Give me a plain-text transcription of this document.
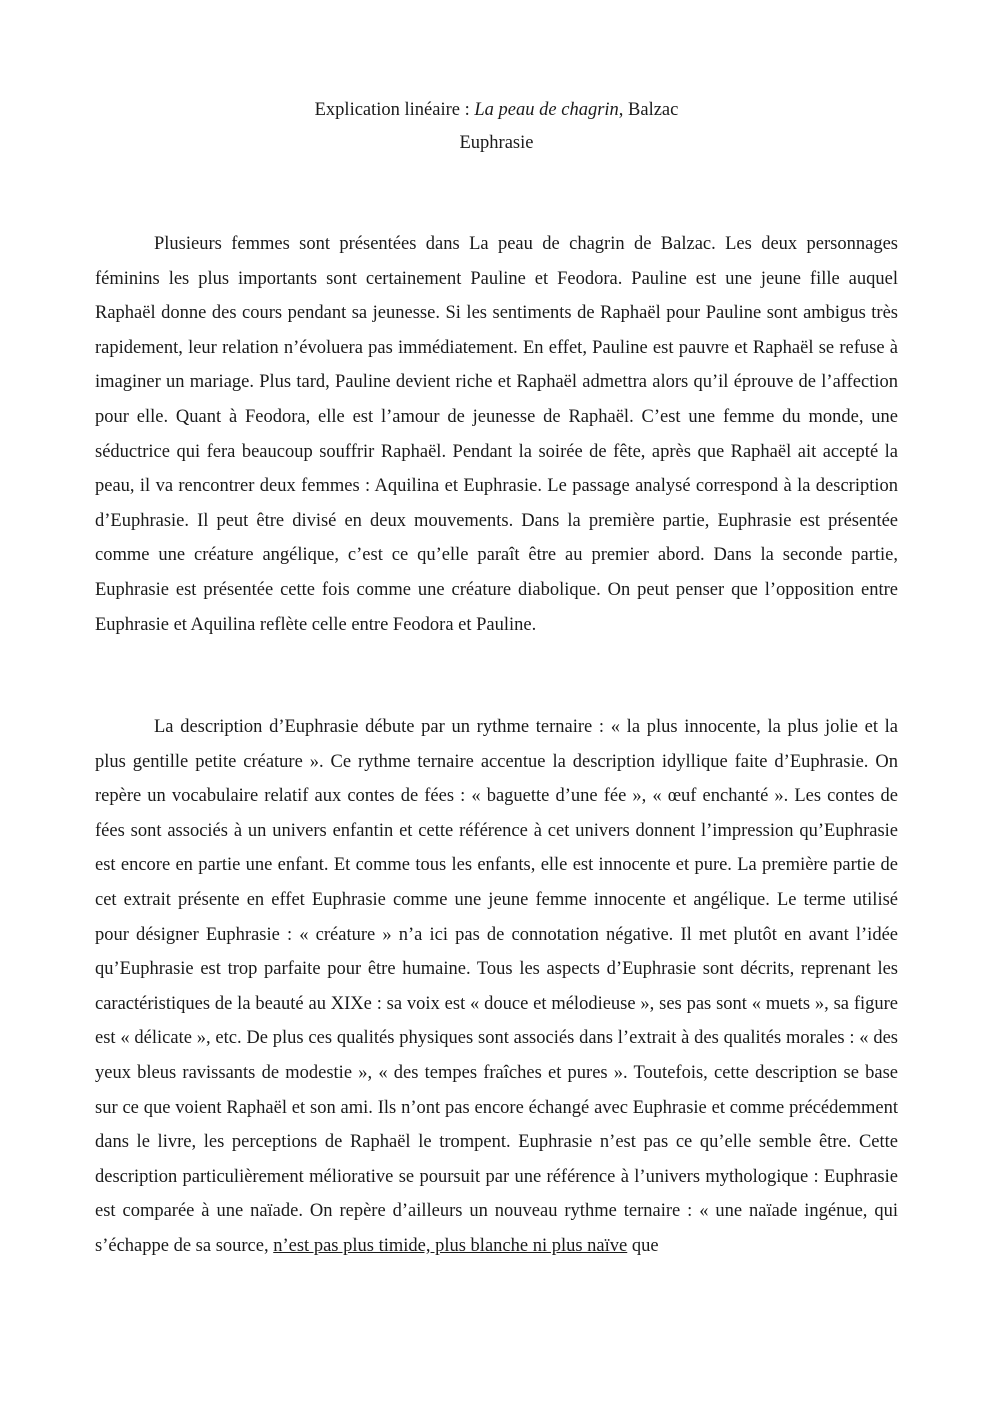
Explication linéaire : La peau de chagrin, Balzac
Euphrasie

Plusieurs femmes sont présentées dans La peau de chagrin de Balzac. Les deux personnages féminins les plus importants sont certainement Pauline et Feodora. Pauline est une jeune fille auquel Raphaël donne des cours pendant sa jeunesse. Si les sentiments de Raphaël pour Pauline sont ambigus très rapidement, leur relation n’évoluera pas immédiatement. En effet, Pauline est pauvre et Raphaël se refuse à imaginer un mariage. Plus tard, Pauline devient riche et Raphaël admettra alors qu’il éprouve de l’affection pour elle. Quant à Feodora, elle est l’amour de jeunesse de Raphaël. C’est une femme du monde, une séductrice qui fera beaucoup souffrir Raphaël. Pendant la soirée de fête, après que Raphaël ait accepté la peau, il va rencontrer deux femmes : Aquilina et Euphrasie. Le passage analysé correspond à la description d’Euphrasie. Il peut être divisé en deux mouvements. Dans la première partie, Euphrasie est présentée comme une créature angélique, c’est ce qu’elle paraît être au premier abord. Dans la seconde partie, Euphrasie est présentée cette fois comme une créature diabolique. On peut penser que l’opposition entre Euphrasie et Aquilina reflète celle entre Feodora et Pauline.

La description d’Euphrasie débute par un rythme ternaire : « la plus innocente, la plus jolie et la plus gentille petite créature ». Ce rythme ternaire accentue la description idyllique faite d’Euphrasie. On repère un vocabulaire relatif aux contes de fées : « baguette d’une fée », « œuf enchanté ». Les contes de fées sont associés à un univers enfantin et cette référence à cet univers donnent l’impression qu’Euphrasie est encore en partie une enfant. Et comme tous les enfants, elle est innocente et pure. La première partie de cet extrait présente en effet Euphrasie comme une jeune femme innocente et angélique. Le terme utilisé pour désigner Euphrasie : « créature » n’a ici pas de connotation négative. Il met plutôt en avant l’idée qu’Euphrasie est trop parfaite pour être humaine. Tous les aspects d’Euphrasie sont décrits, reprenant les caractéristiques de la beauté au XIXe : sa voix est « douce et mélodieuse », ses pas sont « muets », sa figure est « délicate », etc. De plus ces qualités physiques sont associés dans l’extrait à des qualités morales : « des yeux bleus ravissants de modestie », « des tempes fraîches et pures ». Toutefois, cette description se base sur ce que voient Raphaël et son ami. Ils n’ont pas encore échangé avec Euphrasie et comme précédemment dans le livre, les perceptions de Raphaël le trompent. Euphrasie n’est pas ce qu’elle semble être. Cette description particulièrement méliorative se poursuit par une référence à l’univers mythologique : Euphrasie est comparée à une naïade. On repère d’ailleurs un nouveau rythme ternaire : « une naïade ingénue, qui s’échappe de sa source, n’est pas plus timide, plus blanche ni plus naïve que
